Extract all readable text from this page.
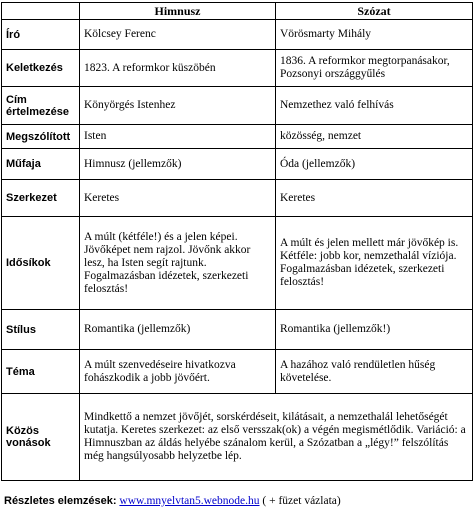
	Himnusz	Szózat
Író	Kölcsey Ferenc	Vörösmarty Mihály
Keletkezés	1823. A reformkor küszöbén	1836. A reformkor megtorpanásakor, Pozsonyi országgyűlés
Cím értelmezése	Könyörgés Istenhez	Nemzethez való felhívás
Megszólított	Isten	közösség, nemzet
Műfaja	Himnusz (jellemzők)	Óda (jellemzők)
Szerkezet	Keretes	Keretes
Idősíkok	A múlt (kétféle!) és a jelen képei. Jövőképet nem rajzol. Jövőnk akkor lesz, ha Isten segít rajtunk. Fogalmazásban idézetek, szerkezeti felosztás!	A múlt és jelen mellett már jövőkép is. Kétféle: jobb kor, nemzethalál víziója. Fogalmazásban idézetek, szerkezeti felosztás!
Stílus	Romantika (jellemzők)	Romantika (jellemzők!)
Téma	A múlt szenvedéseire hivatkozva fohászkodik a jobb jövőért.	A hazához való rendületlen hűség követelése.
Közös vonások	Mindkettő a nemzet jövőjét, sorskérdéseit, kilátásait, a nemzethalál lehetőségét kutatja. Keretes szerkezet: az első versszak(ok) a végén megismétlődik. Variáció: a Himnuszban az áldás helyébe szánalom kerül, a Szózatban a „légy!” felszólítás még hangsúlyosabb helyzetbe lép.	
Részletes elemzések: www.mnyelvtan5.webnode.hu ( + füzet vázlata)
